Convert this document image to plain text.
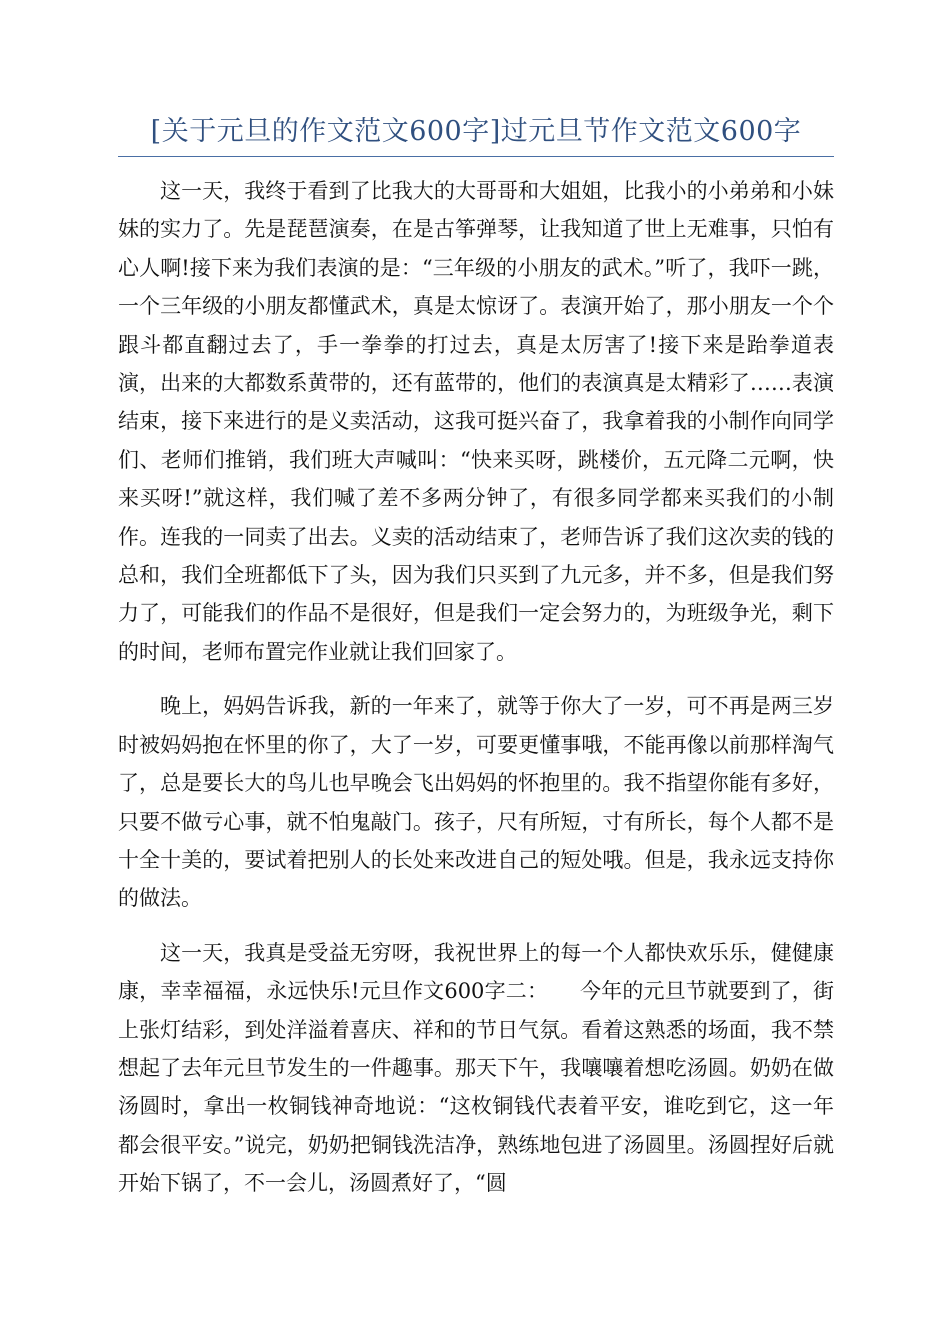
[关于元旦的作文范文600字]过元旦节作文范文600字

这一天，我终于看到了比我大的大哥哥和大姐姐，比我小的小弟弟和小妹妹的实力了。先是琵琶演奏，在是古筝弹琴，让我知道了世上无难事，只怕有心人啊!接下来为我们表演的是：“三年级的小朋友的武术。”听了，我吓一跳，一个三年级的小朋友都懂武术，真是太惊讶了。表演开始了，那小朋友一个个跟斗都直翻过去了，手一拳拳的打过去，真是太厉害了!接下来是跆拳道表演，出来的大都数系黄带的，还有蓝带的，他们的表演真是太精彩了……表演结束，接下来进行的是义卖活动，这我可挺兴奋了，我拿着我的小制作向同学们、老师们推销，我们班大声喊叫：“快来买呀，跳楼价，五元降二元啊，快来买呀!”就这样，我们喊了差不多两分钟了，有很多同学都来买我们的小制作。连我的一同卖了出去。义卖的活动结束了，老师告诉了我们这次卖的钱的总和，我们全班都低下了头，因为我们只买到了九元多，并不多，但是我们努力了，可能我们的作品不是很好，但是我们一定会努力的，为班级争光，剩下的时间，老师布置完作业就让我们回家了。

晚上，妈妈告诉我，新的一年来了，就等于你大了一岁，可不再是两三岁时被妈妈抱在怀里的你了，大了一岁，可要更懂事哦，不能再像以前那样淘气了，总是要长大的鸟儿也早晚会飞出妈妈的怀抱里的。我不指望你能有多好，只要不做亏心事，就不怕鬼敲门。孩子，尺有所短，寸有所长，每个人都不是十全十美的，要试着把别人的长处来改进自己的短处哦。但是，我永远支持你的做法。

这一天，我真是受益无穷呀，我祝世界上的每一个人都快欢乐乐，健健康康，幸幸福福，永远快乐!元旦作文600字二：　　今年的元旦节就要到了，街上张灯结彩，到处洋溢着喜庆、祥和的节日气氛。看着这熟悉的场面，我不禁想起了去年元旦节发生的一件趣事。那天下午，我嚷嚷着想吃汤圆。奶奶在做汤圆时，拿出一枚铜钱神奇地说：“这枚铜钱代表着平安，谁吃到它，这一年都会很平安。”说完，奶奶把铜钱洗洁净，熟练地包进了汤圆里。汤圆捏好后就开始下锅了，不一会儿，汤圆煮好了，“圆
